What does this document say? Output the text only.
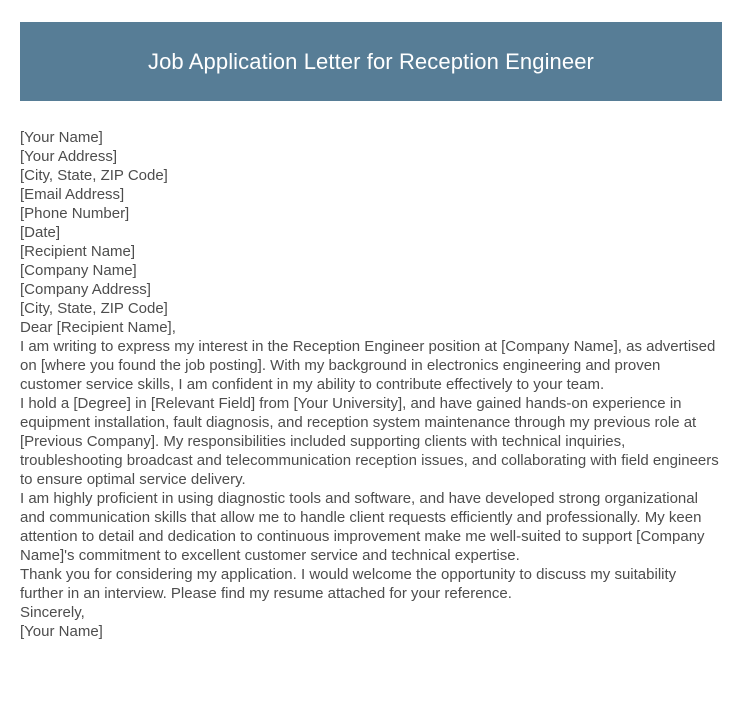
Job Application Letter for Reception Engineer
[Your Name]
[Your Address]
[City, State, ZIP Code]
[Email Address]
[Phone Number]
[Date]
[Recipient Name]
[Company Name]
[Company Address]
[City, State, ZIP Code]
Dear [Recipient Name],

I am writing to express my interest in the Reception Engineer position at [Company Name], as advertised on [where you found the job posting]. With my background in electronics engineering and proven customer service skills, I am confident in my ability to contribute effectively to your team.

I hold a [Degree] in [Relevant Field] from [Your University], and have gained hands-on experience in equipment installation, fault diagnosis, and reception system maintenance through my previous role at [Previous Company]. My responsibilities included supporting clients with technical inquiries, troubleshooting broadcast and telecommunication reception issues, and collaborating with field engineers to ensure optimal service delivery.

I am highly proficient in using diagnostic tools and software, and have developed strong organizational and communication skills that allow me to handle client requests efficiently and professionally. My keen attention to detail and dedication to continuous improvement make me well-suited to support [Company Name]'s commitment to excellent customer service and technical expertise.

Thank you for considering my application. I would welcome the opportunity to discuss my suitability further in an interview. Please find my resume attached for your reference.

Sincerely,
[Your Name]
